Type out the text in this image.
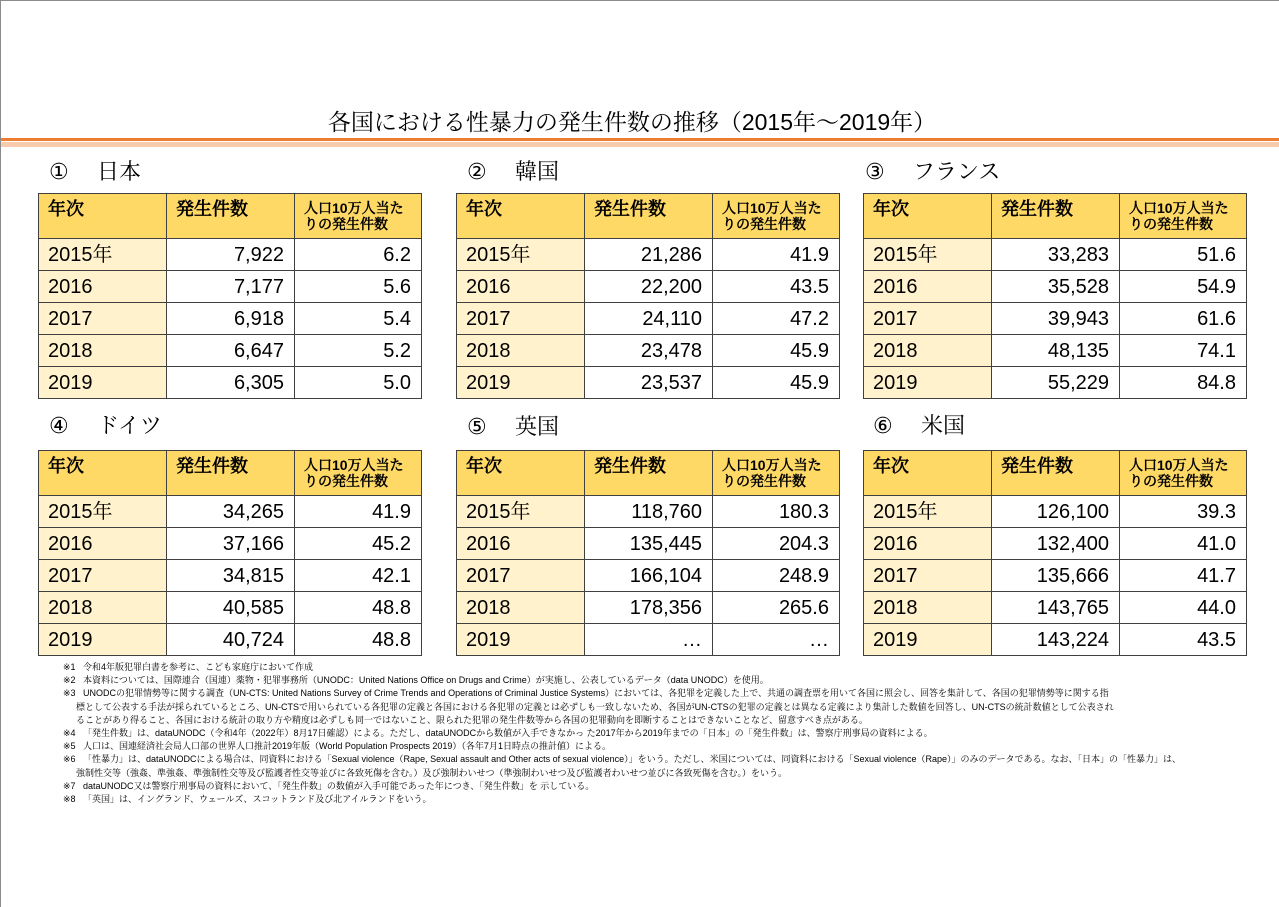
各国における性暴力の発生件数の推移（2015年～2019年）
① 日本
年次	発生件数	人口10万人当たりの発生件数
2015年	7,922	6.2
2016	7,177	5.6
2017	6,918	5.4
2018	6,647	5.2
2019	6,305	5.0
② 韓国
年次	発生件数	人口10万人当たりの発生件数
2015年	21,286	41.9
2016	22,200	43.5
2017	24,110	47.2
2018	23,478	45.9
2019	23,537	45.9
③ フランス
年次	発生件数	人口10万人当たりの発生件数
2015年	33,283	51.6
2016	35,528	54.9
2017	39,943	61.6
2018	48,135	74.1
2019	55,229	84.8
④ ドイツ
年次	発生件数	人口10万人当たりの発生件数
2015年	34,265	41.9
2016	37,166	45.2
2017	34,815	42.1
2018	40,585	48.8
2019	40,724	48.8
⑤ 英国
年次	発生件数	人口10万人当たりの発生件数
2015年	118,760	180.3
2016	135,445	204.3
2017	166,104	248.9
2018	178,356	265.6
2019	…	…
⑥ 米国
年次	発生件数	人口10万人当たりの発生件数
2015年	126,100	39.3
2016	132,400	41.0
2017	135,666	41.7
2018	143,765	44.0
2019	143,224	43.5
※1 令和4年版犯罪白書を参考に、こども家庭庁において作成
※2 本資料については、国際連合（国連）薬物・犯罪事務所（UNODC：United Nations Office on Drugs and Crime）が実施し、公表しているデータ（data UNODC）を使用。
※3 UNODCの犯罪情勢等に関する調査（UN-CTS: United Nations Survey of Crime Trends and Operations of Criminal Justice Systems）においては、各犯罪を定義した上で、共通の調査票を用いて各国に照会し、回答を集計して、各国の犯罪情勢等に関する指
標として公表する手法が採られているところ、UN-CTSで用いられている各犯罪の定義と各国における各犯罪の定義とは必ずしも一致しないため、各国がUN-CTSの犯罪の定義とは異なる定義により集計した数値を回答し、UN-CTSの統計数値として公表され
ることがあり得ること、各国における統計の取り方や精度は必ずしも同一ではないこと、限られた犯罪の発生件数等から各国の犯罪動向を即断することはできないことなど、留意すべき点がある。
※4 「発生件数」は、dataUNODC（令和4年（2022年）8月17日確認）による。ただし、dataUNODCから数値が入手できなかっ た2017年から2019年までの「日本」の「発生件数」は、警察庁刑事局の資料による。
※5 人口は、国連経済社会局人口部の世界人口推計2019年版（World Population Prospects 2019）（各年7月1日時点の推計値）による。
※6 「性暴力」は、dataUNODCによる場合は、同資料における「Sexual violence（Rape, Sexual assault and Other acts of sexual violence）」をいう。ただし、米国については、同資料における「Sexual violence（Rape）」のみのデータである。なお、「日本」の「性暴力」は、
強制性交等（強姦、準強姦、準強制性交等及び監護者性交等並びに各致死傷を含む。）及び強制わいせつ（準強制わいせつ及び監護者わいせつ並びに各致死傷を含む。）をいう。
※7 dataUNODC又は警察庁刑事局の資料において、「発生件数」の数値が入手可能であった年につき、「発生件数」を 示している。
※8 「英国」は、イングランド、ウェールズ、スコットランド及び北アイルランドをいう。
